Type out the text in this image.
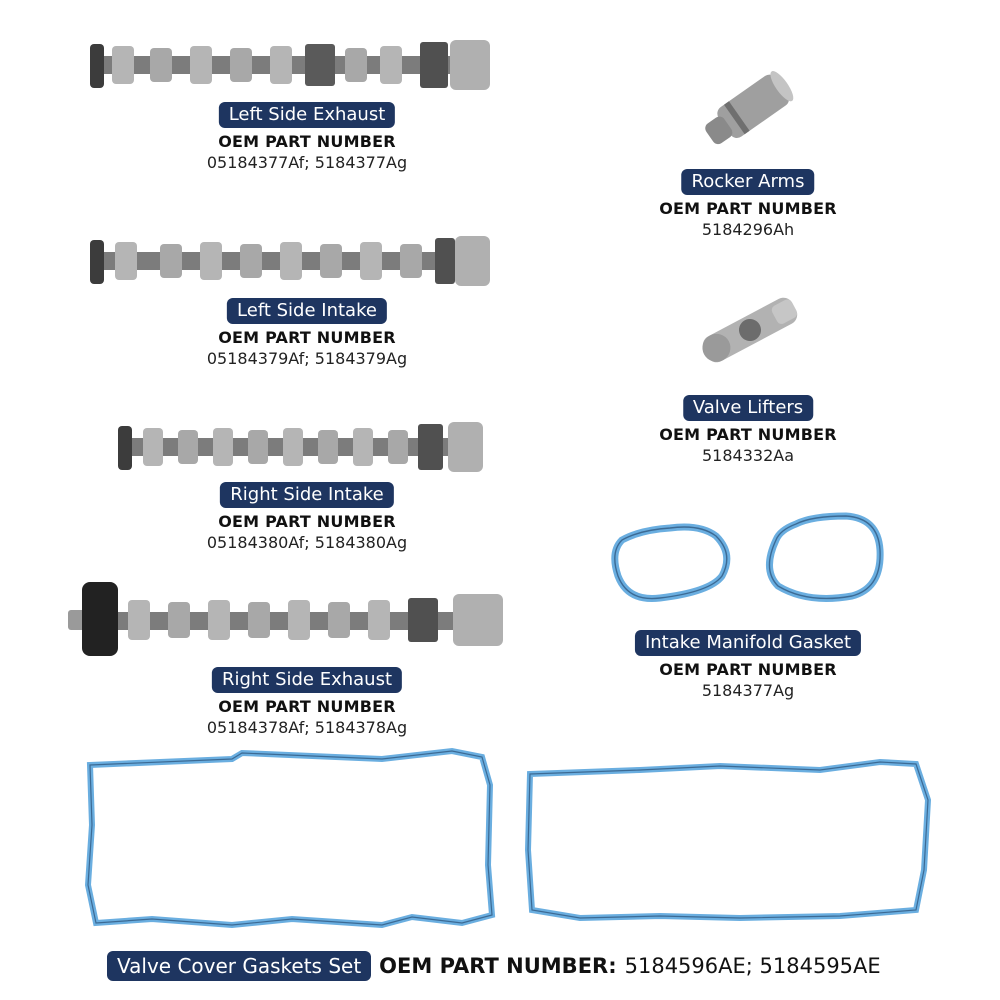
Left Side Exhaust
OEM PART NUMBER
05184377Af; 5184377Ag
Left Side Intake
OEM PART NUMBER
05184379Af; 5184379Ag
Right Side Intake
OEM PART NUMBER
05184380Af; 5184380Ag
Right Side Exhaust
OEM PART NUMBER
05184378Af; 5184378Ag
Rocker Arms
OEM PART NUMBER
5184296Ah
Valve Lifters
OEM PART NUMBER
5184332Aa
Intake Manifold Gasket
OEM PART NUMBER
5184377Ag
Valve Cover Gaskets Set OEM PART NUMBER: 5184596AE; 5184595AE
